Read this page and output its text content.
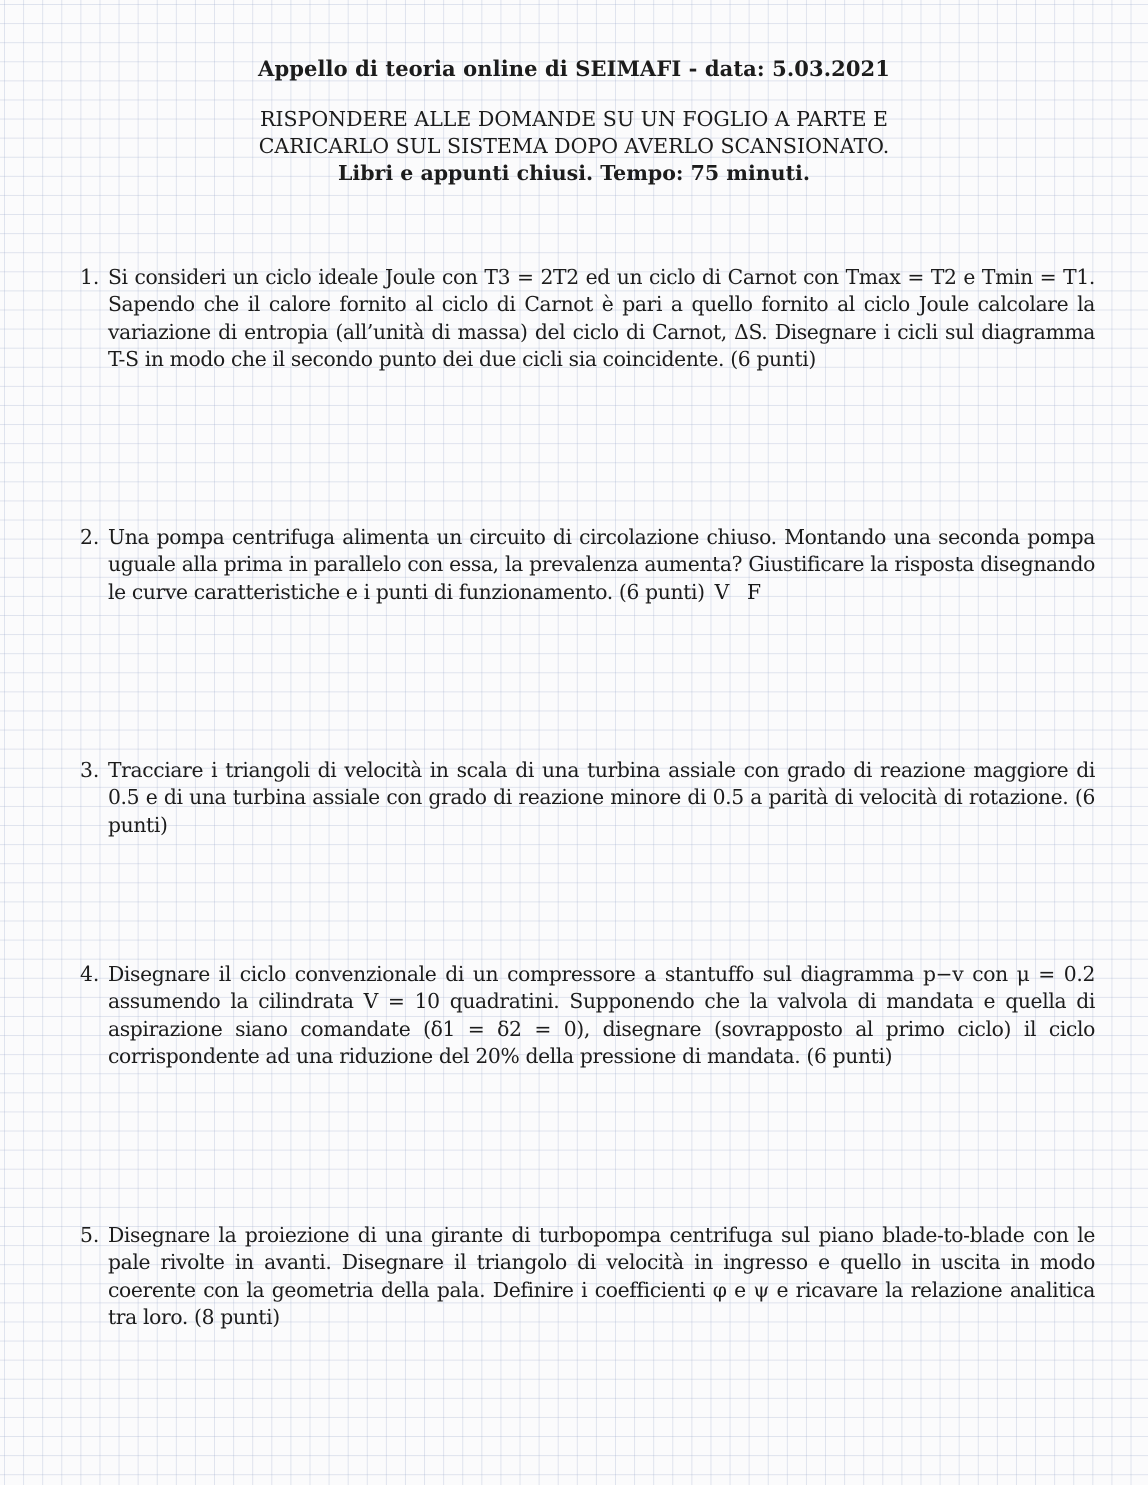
Appello di teoria online di SEIMAFI - data: 5.03.2021
RISPONDERE ALLE DOMANDE SU UN FOGLIO A PARTE E
CARICARLO SUL SISTEMA DOPO AVERLO SCANSIONATO.
Libri e appunti chiusi. Tempo: 75 minuti.
1. Si consideri un ciclo ideale Joule con T3 = 2T2 ed un ciclo di Carnot con Tmax = T2 e Tmin = T1. Sapendo che il calore fornito al ciclo di Carnot è pari a quello fornito al ciclo Joule calcolare la variazione di entropia (all’unità di massa) del ciclo di Carnot, ΔS. Disegnare i cicli sul diagramma T-S in modo che il secondo punto dei due cicli sia coincidente. (6 punti)
2. Una pompa centrifuga alimenta un circuito di circolazione chiuso. Montando una seconda pompa uguale alla prima in parallelo con essa, la prevalenza aumenta? Giustificare la risposta disegnando le curve caratteristiche e i punti di funzionamento. (6 punti) V F
3. Tracciare i triangoli di velocità in scala di una turbina assiale con grado di reazione maggiore di 0.5 e di una turbina assiale con grado di reazione minore di 0.5 a parità di velocità di rotazione. (6 punti)
4. Disegnare il ciclo convenzionale di un compressore a stantuffo sul diagramma p−v con μ = 0.2 assumendo la cilindrata V = 10 quadratini. Supponendo che la valvola di mandata e quella di aspirazione siano comandate (δ1 = δ2 = 0), disegnare (sovrapposto al primo ciclo) il ciclo corrispondente ad una riduzione del 20% della pressione di mandata. (6 punti)
5. Disegnare la proiezione di una girante di turbopompa centrifuga sul piano blade-to-blade con le pale rivolte in avanti. Disegnare il triangolo di velocità in ingresso e quello in uscita in modo coerente con la geometria della pala. Definire i coefficienti φ e ψ e ricavare la relazione analitica tra loro. (8 punti)
